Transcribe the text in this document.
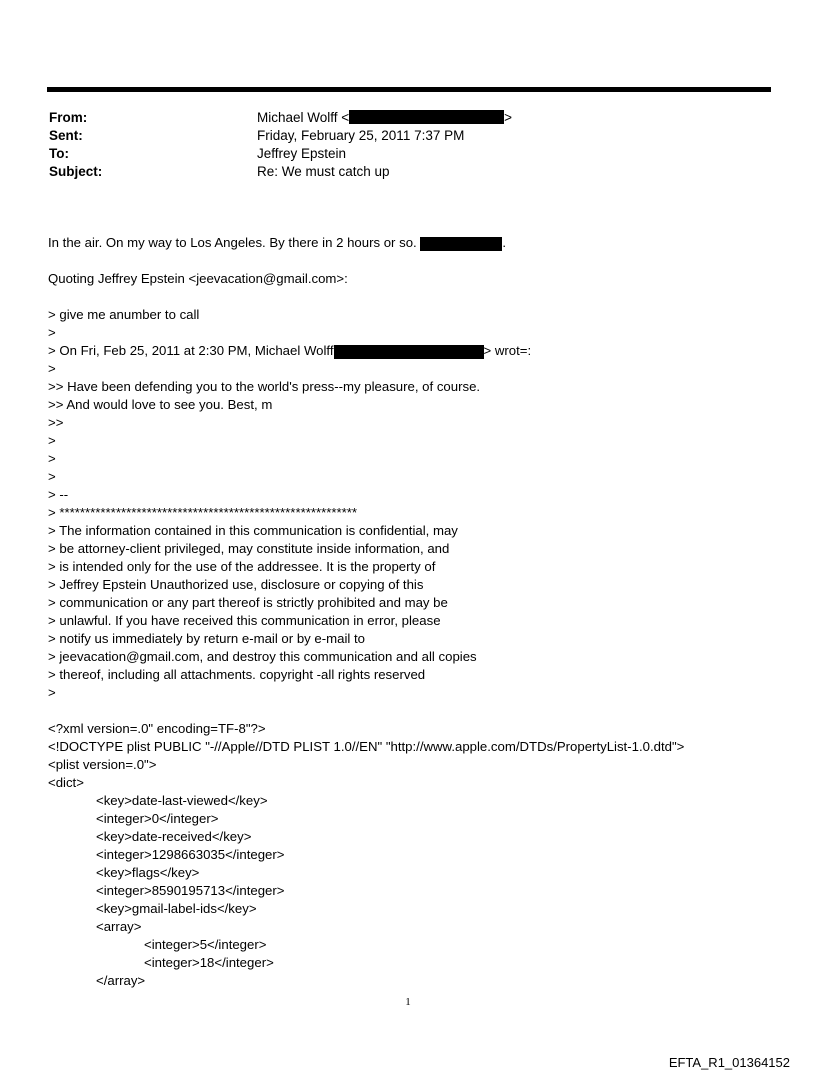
From:	Michael Wolff <	>
Sent:	Friday, February 25, 2011 7:37 PM
To:	Jeffrey Epstein
Subject:	Re: We must catch up
In the air. On my way to Los Angeles. By there in 2 hours or so.	.
Quoting Jeffrey Epstein <jeevacation@gmail.com>:
> give me anumber to call
>
> On Fri, Feb 25, 2011 at 2:30 PM, Michael Wolff	> wrot=:
>
>> Have been defending you to the world's press--my pleasure, of course.
>> And would love to see you. Best, m
>>
>
>
>
> --
> **********************************************************
> The information contained in this communication is confidential, may
> be attorney-client privileged, may constitute inside information, and
> is intended only for the use of the addressee. It is the property of
> Jeffrey Epstein Unauthorized use, disclosure or copying of this
> communication or any part thereof is strictly prohibited and may be
> unlawful. If you have received this communication in error, please
> notify us immediately by return e-mail or by e-mail to
> jeevacation@gmail.com, and destroy this communication and all copies
> thereof, including all attachments. copyright -all rights reserved
>
<?xml version=.0" encoding=TF-8"?>
<!DOCTYPE plist PUBLIC "-//Apple//DTD PLIST 1.0//EN" "http://www.apple.com/DTDs/PropertyList-1.0.dtd">
<plist version=.0">
<dict>
<key>date-last-viewed</key>
<integer>0</integer>
<key>date-received</key>
<integer>1298663035</integer>
<key>flags</key>
<integer>8590195713</integer>
<key>gmail-label-ids</key>
<array>
<integer>5</integer>
<integer>18</integer>
</array>
1
EFTA_R1_01364152
